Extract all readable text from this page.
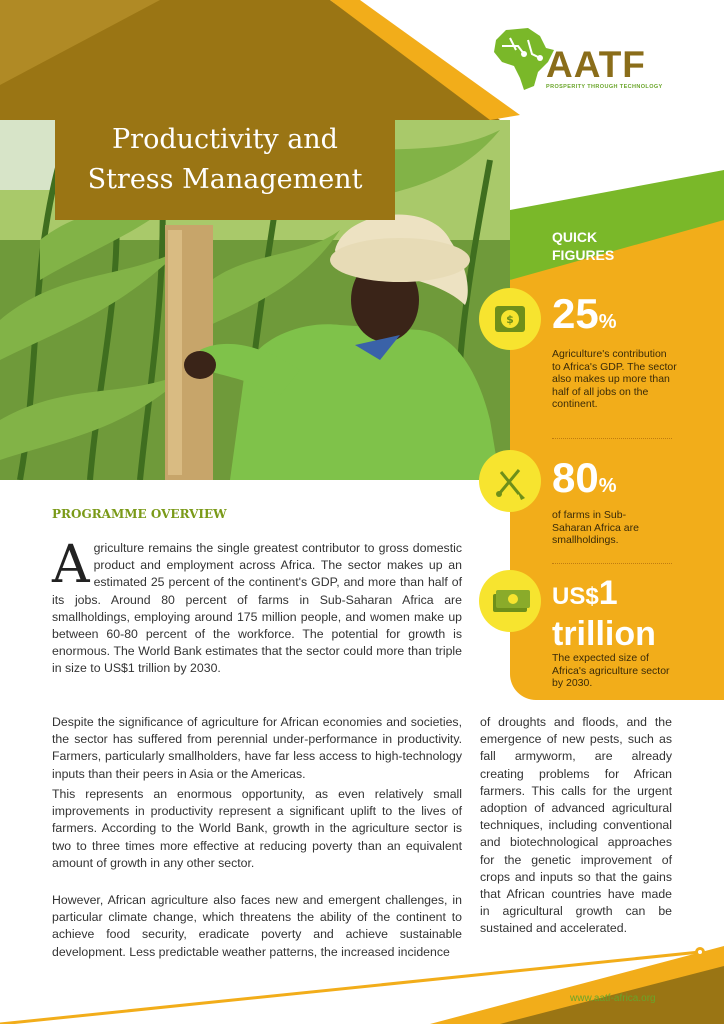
Productivity and
Stress Management
AATF
PROSPERITY THROUGH TECHNOLOGY
QUICK
FIGURES
$ 25%
Agriculture's contribution to Africa's GDP. The sector also makes up more than half of all jobs on the continent.
80%
of farms in Sub-Saharan Africa are smallholdings.
US$1
trillion
The expected size of Africa's agriculture sector by 2030.
PROGRAMME OVERVIEW
Agriculture remains the single greatest contributor to gross domestic product and employment across Africa. The sector makes up an estimated 25 percent of the continent's GDP, and more than half of its jobs. Around 80 percent of farms in Sub-Saharan Africa are smallholdings, employing around 175 million people, and women make up between 60-80 percent of the workforce. The potential for growth is enormous. The World Bank estimates that the sector could more than triple in size to US$1 trillion by 2030.
Despite the significance of agriculture for African economies and societies, the sector has suffered from perennial under-performance in productivity. Farmers, particularly smallholders, have far less access to high-technology inputs than their peers in Asia or the Americas.
This represents an enormous opportunity, as even relatively small improvements in productivity represent a significant uplift to the lives of farmers. According to the World Bank, growth in the agriculture sector is two to three times more effective at reducing poverty than an equivalent amount of growth in any other sector.
However, African agriculture also faces new and emergent challenges, in particular climate change, which threatens the ability of the continent to achieve food security, eradicate poverty and achieve sustainable development. Less predictable weather patterns, the increased incidence
of droughts and floods, and the emergence of new pests, such as fall armyworm, are already creating problems for African farmers. This calls for the urgent adoption of advanced agricultural techniques, including conventional and biotechnological approaches for the genetic improvement of crops and inputs so that the gains that African countries have made in agricultural growth can be sustained and accelerated.
www.aatf-africa.org
